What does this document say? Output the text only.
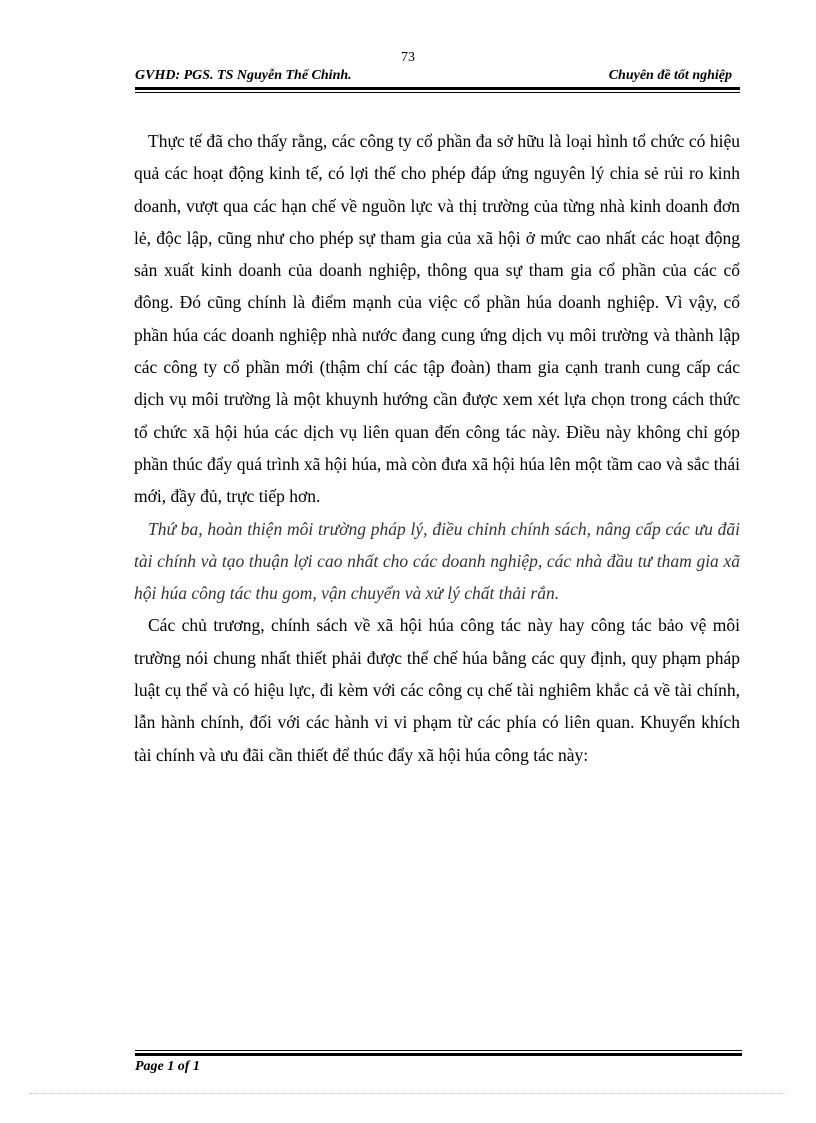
73
GVHD: PGS. TS Nguyễn Thế Chinh.	Chuyên đề tốt nghiệp

Thực tế đã cho thấy rằng, các công ty cổ phần đa sở hữu là loại hình tổ chức có hiệu quả các hoạt động kinh tế, có lợi thế cho phép đáp ứng nguyên lý chia sẻ rủi ro kinh doanh, vượt qua các hạn chế về nguồn lực và thị trường của từng nhà kinh doanh đơn lẻ, độc lập, cũng như cho phép sự tham gia của xã hội ở mức cao nhất các hoạt động sản xuất kinh doanh của doanh nghiệp, thông qua sự tham gia cổ phần của các cổ đông. Đó cũng chính là điểm mạnh của việc cổ phần húa doanh nghiệp. Vì vậy, cổ phần húa các doanh nghiệp nhà nước đang cung ứng dịch vụ môi trường và thành lập các công ty cổ phần mới (thậm chí các tập đoàn) tham gia cạnh tranh cung cấp các dịch vụ môi trường là một khuynh hướng cần được xem xét lựa chọn trong cách thức tổ chức xã hội húa các dịch vụ liên quan đến công tác này. Điều này không chỉ góp phần thúc đẩy quá trình xã hội húa, mà còn đưa xã hội húa lên một tầm cao và sắc thái mới, đầy đủ, trực tiếp hơn.

Thứ ba, hoàn thiện môi trường pháp lý, điều chỉnh chính sách, nâng cấp các ưu đãi tài chính và tạo thuận lợi cao nhất cho các doanh nghiệp, các nhà đầu tư tham gia xã hội húa công tác thu gom, vận chuyển và xử lý chất thải rắn.

Các chủ trương, chính sách về xã hội húa công tác này hay công tác bảo vệ môi trường nói chung nhất thiết phải được thể chế húa bằng các quy định, quy phạm pháp luật cụ thể và có hiệu lực, đi kèm với các công cụ chế tài nghiêm khắc cả về tài chính, lẫn hành chính, đối với các hành vi vi phạm từ các phía có liên quan. Khuyến khích tài chính và ưu đãi cần thiết để thúc đẩy xã hội húa công tác này:

Page 1 of 1
